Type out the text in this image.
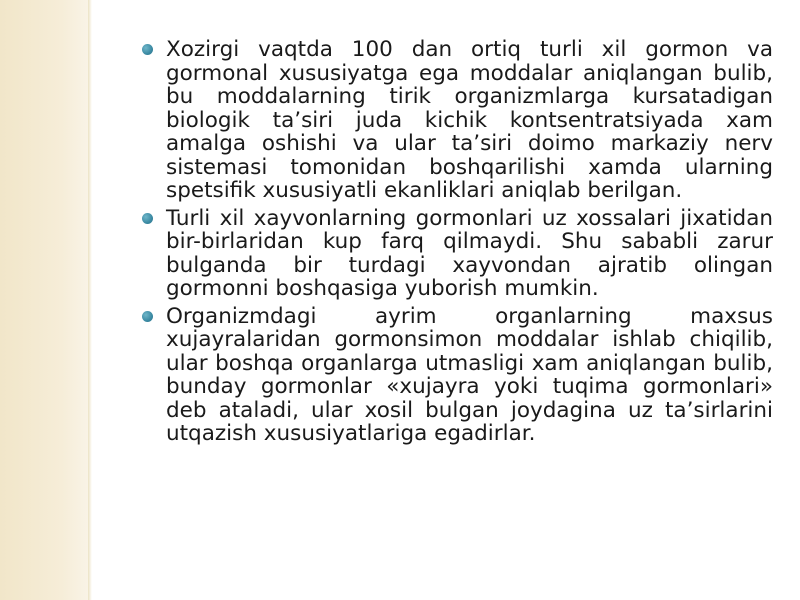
Xozirgi vaqtda 100 dan ortiq turli xil gormon va gormonal xususiyatga ega moddalar aniqlangan bulib, bu moddalarning tirik organizmlarga kursatadigan biologik ta’siri juda kichik kontsentratsiyada xam amalga oshishi va ular ta’siri doimo markaziy nerv sistemasi tomonidan boshqarilishi xamda ularning spetsifik xususiyatli ekanliklari aniqlab berilgan.
Turli xil xayvonlarning gormonlari uz xossalari jixatidan bir-birlaridan kup farq qilmaydi. Shu sababli zarur bulganda bir turdagi xayvondan ajratib olingan gormonni boshqasiga yuborish mumkin.
Organizmdagi ayrim organlarning maxsus xujayralaridan gormonsimon moddalar ishlab chiqilib, ular boshqa organlarga utmasligi xam aniqlangan bulib, bunday gormonlar «xujayra yoki tuqima gormonlari» deb ataladi, ular xosil bulgan joydagina uz ta’sirlarini utqazish xususiyatlariga egadirlar.
